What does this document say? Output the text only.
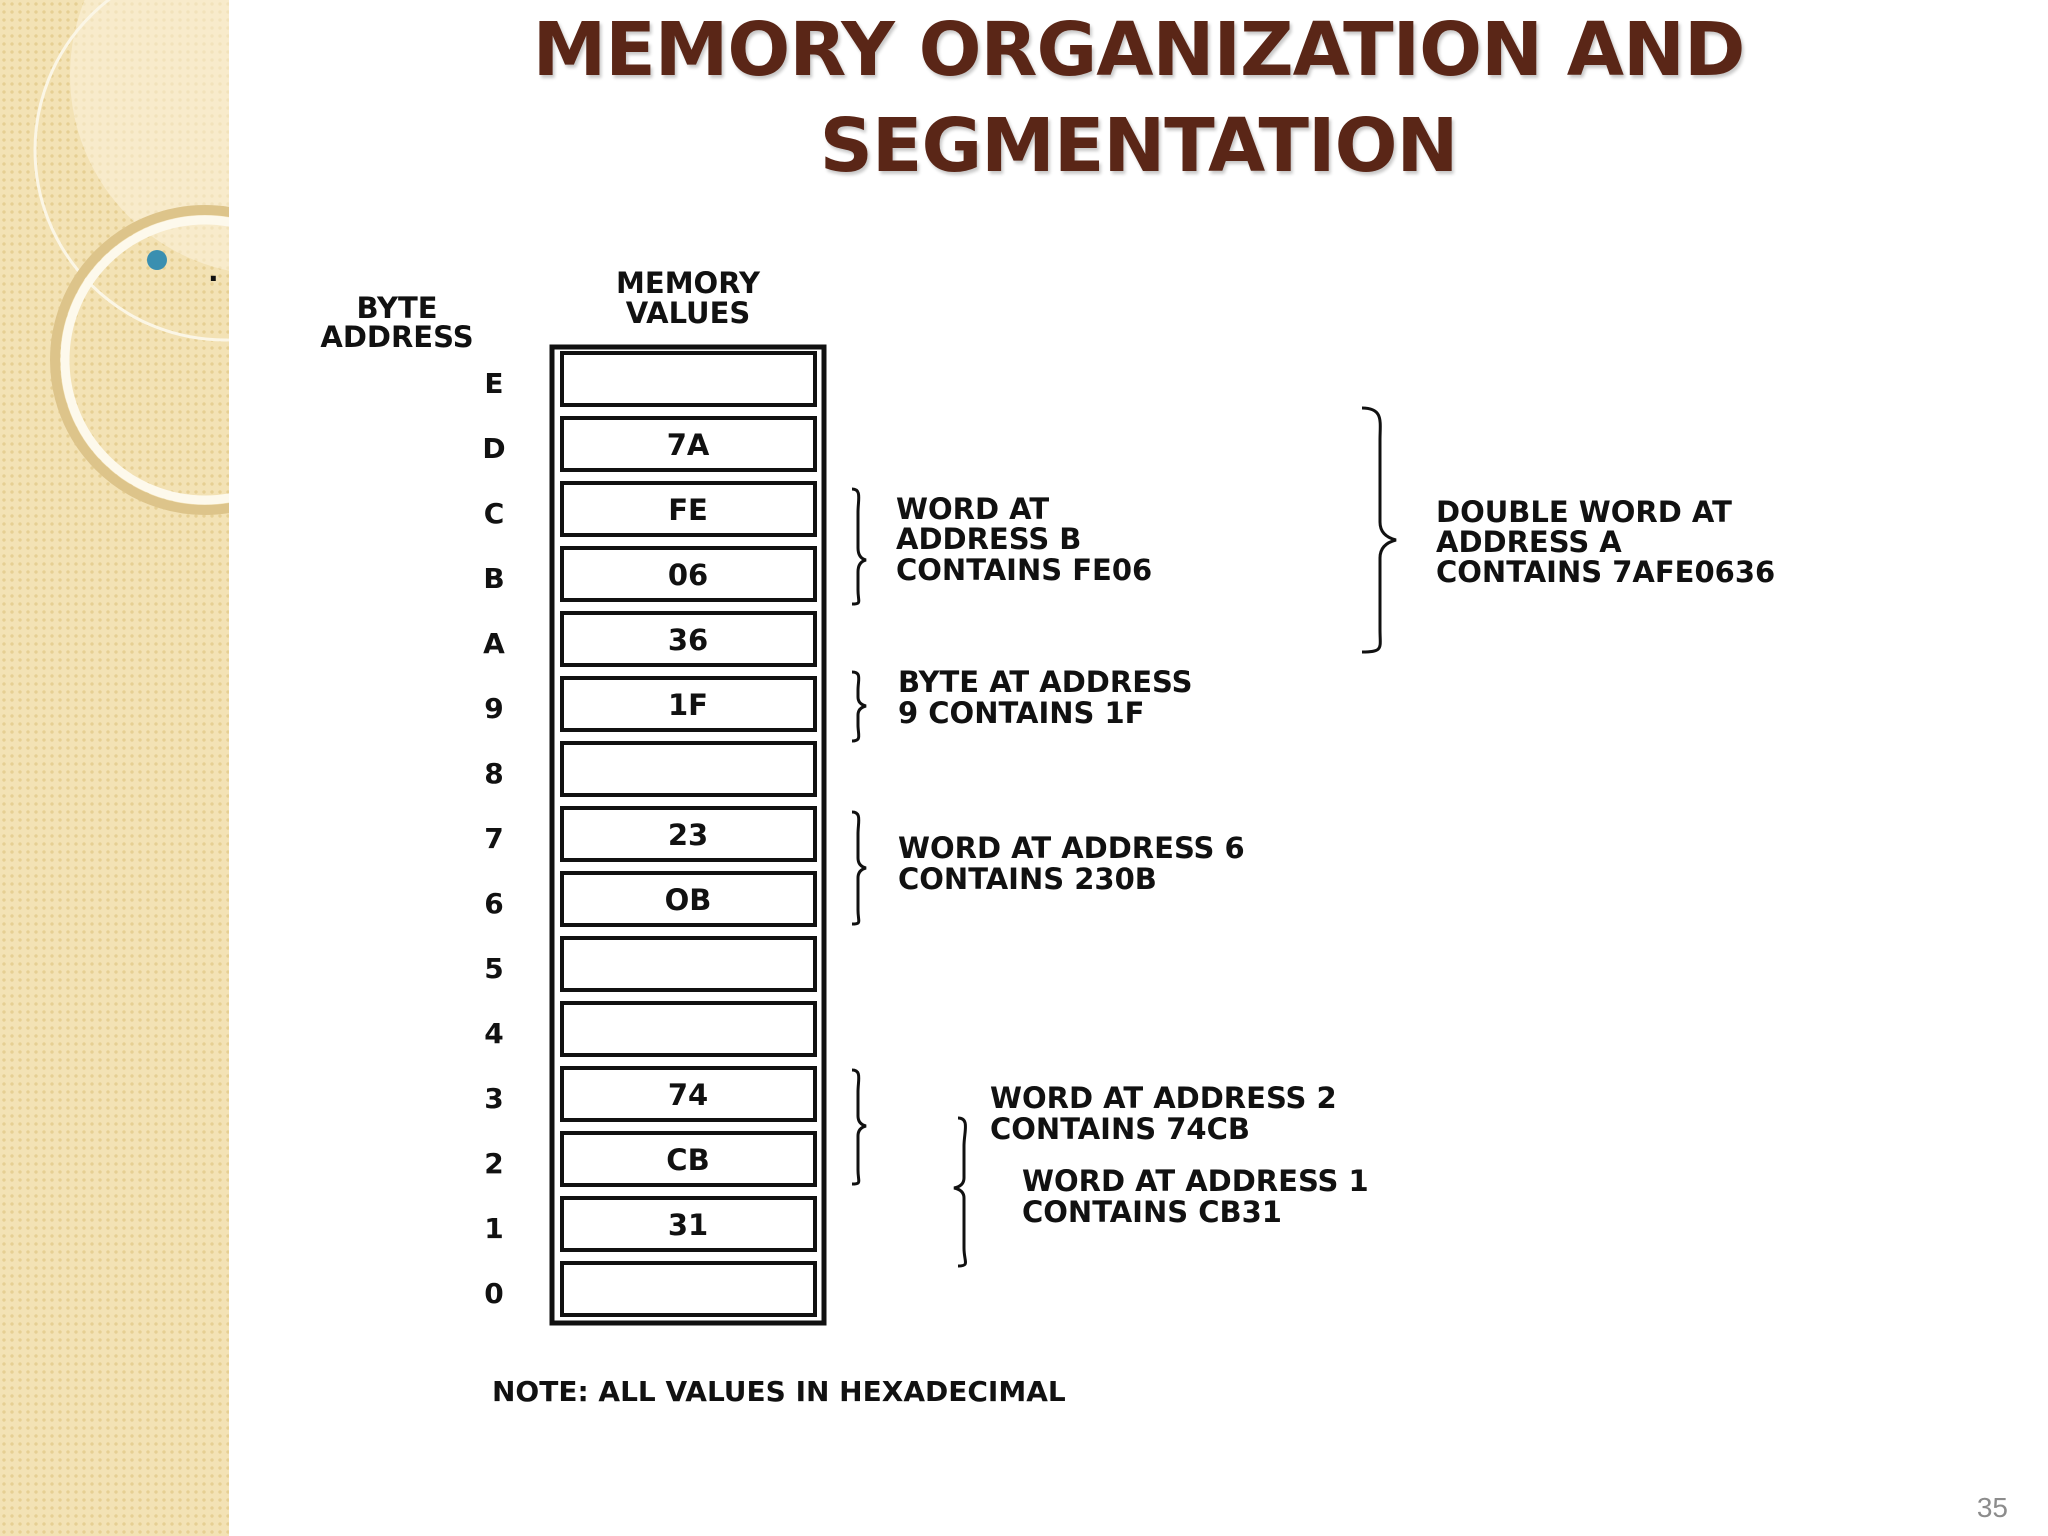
MEMORY ORGANIZATION AND
SEGMENTATION
.
BYTE
ADDRESS
MEMORY
VALUES
E
D	7A
C	FE
B	06
A	36
9	1F
8
7	23
6	OB
5
4
3	74
2	CB
1	31
0
WORD AT
ADDRESS B
CONTAINS FE06
DOUBLE WORD AT
ADDRESS A
CONTAINS 7AFE0636
BYTE AT ADDRESS
9 CONTAINS 1F
WORD AT ADDRESS 6
CONTAINS 230B
WORD AT ADDRESS 2
CONTAINS 74CB
WORD AT ADDRESS 1
CONTAINS CB31
NOTE: ALL VALUES IN HEXADECIMAL
35
